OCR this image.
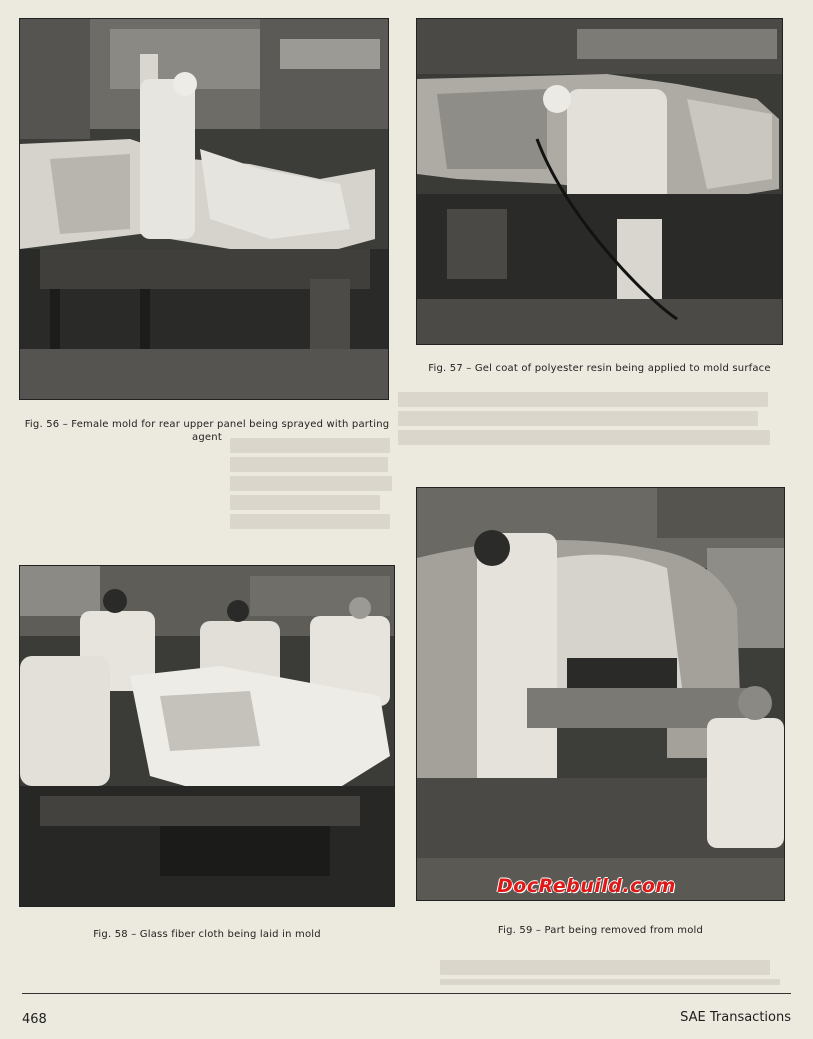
Fig. 56 – Female mold for rear upper panel being sprayed with parting agent
Fig. 57 – Gel coat of polyester resin being applied to mold surface
Fig. 58 – Glass fiber cloth being laid in mold
DocRebuild.com
Fig. 59 – Part being removed from mold
468	SAE Transactions
